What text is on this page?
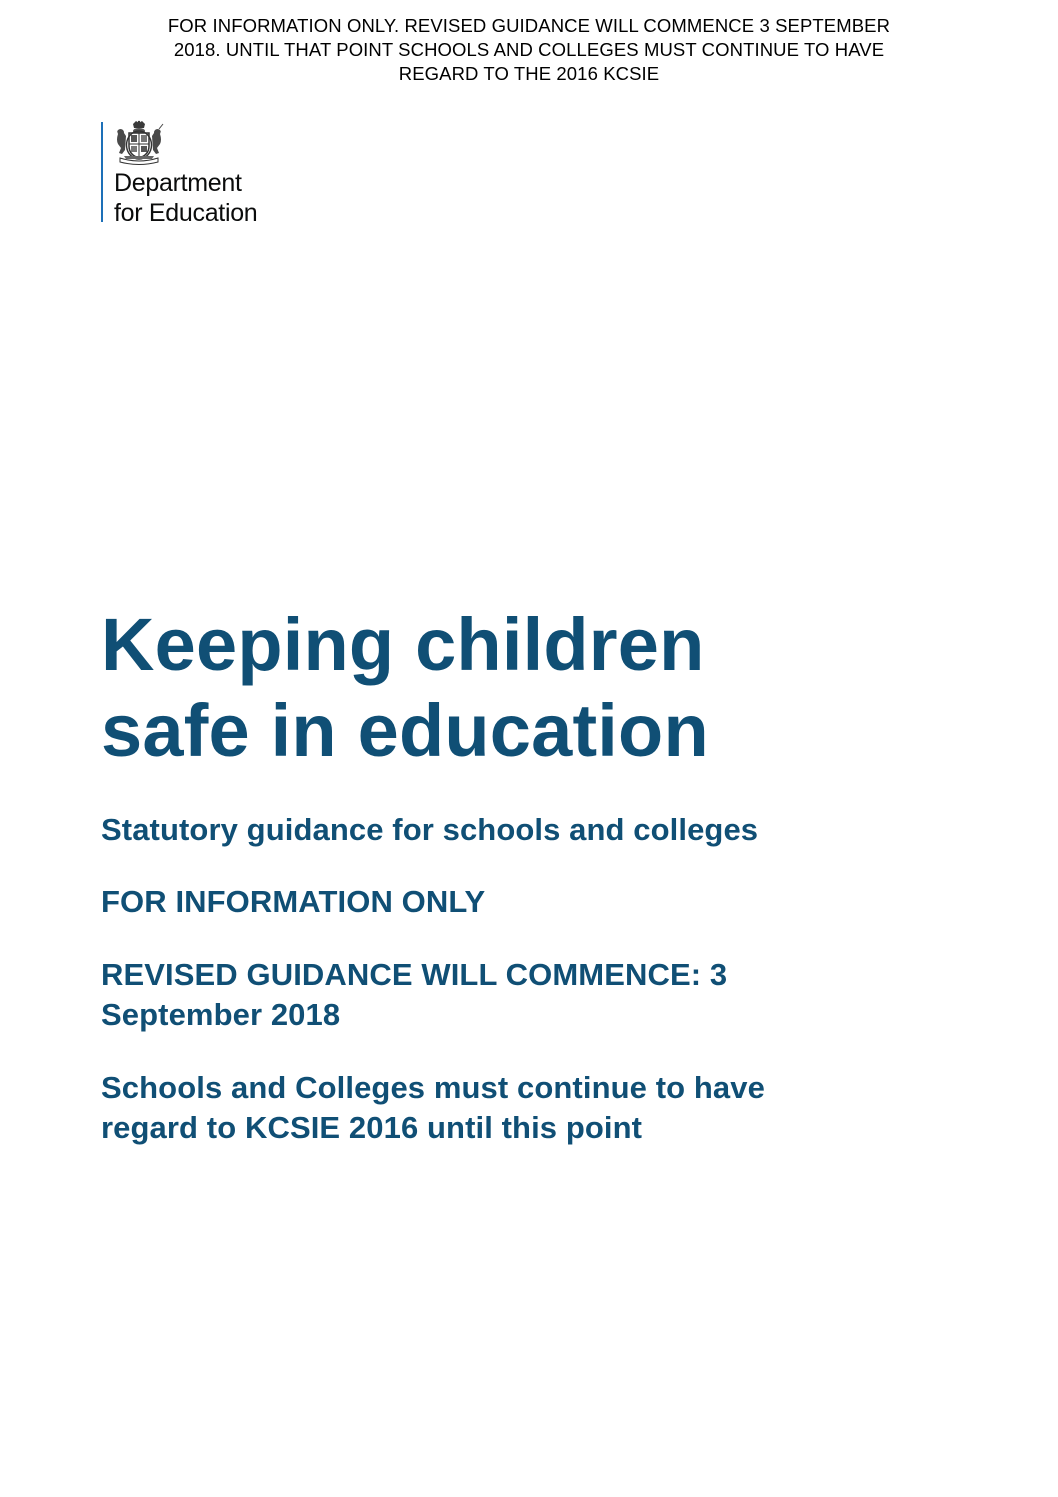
FOR INFORMATION ONLY. REVISED GUIDANCE WILL COMMENCE 3 SEPTEMBER
2018. UNTIL THAT POINT SCHOOLS AND COLLEGES MUST CONTINUE TO HAVE
REGARD TO THE 2016 KCSIE
Department
for Education
Keeping children
safe in education
Statutory guidance for schools and colleges
FOR INFORMATION ONLY
REVISED GUIDANCE WILL COMMENCE: 3
September 2018
Schools and Colleges must continue to have
regard to KCSIE 2016 until this point
